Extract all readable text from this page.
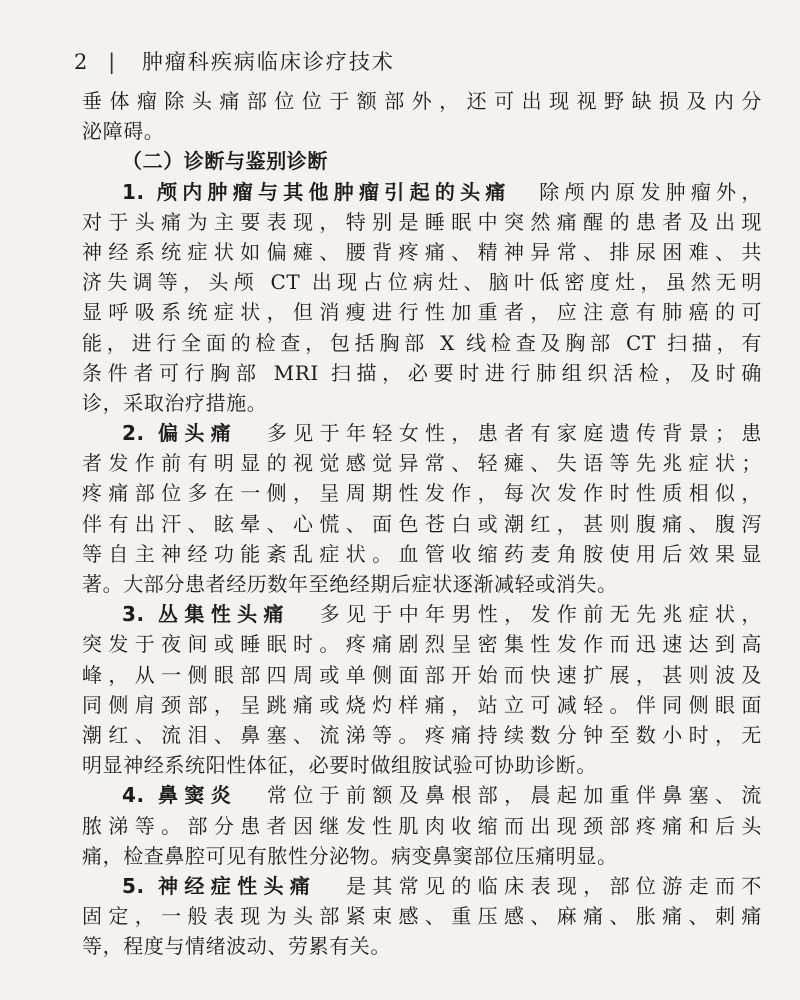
2 | 肿瘤科疾病临床诊疗技术
垂体瘤除头痛部位位于额部外，还可出现视野缺损及内分
泌障碍。
（二）诊断与鉴别诊断
1. 颅内肿瘤与其他肿瘤引起的头痛 除颅内原发肿瘤外，
对于头痛为主要表现，特别是睡眠中突然痛醒的患者及出现
神经系统症状如偏瘫、腰背疼痛、精神异常、排尿困难、共
济失调等，头颅 CT 出现占位病灶、脑叶低密度灶，虽然无明
显呼吸系统症状，但消瘦进行性加重者，应注意有肺癌的可
能，进行全面的检查，包括胸部 X 线检查及胸部 CT 扫描，有
条件者可行胸部 MRI 扫描，必要时进行肺组织活检，及时确
诊，采取治疗措施。
2. 偏头痛 多见于年轻女性，患者有家庭遗传背景；患
者发作前有明显的视觉感觉异常、轻瘫、失语等先兆症状；
疼痛部位多在一侧，呈周期性发作，每次发作时性质相似，
伴有出汗、眩晕、心慌、面色苍白或潮红，甚则腹痛、腹泻
等自主神经功能紊乱症状。血管收缩药麦角胺使用后效果显
著。大部分患者经历数年至绝经期后症状逐渐减轻或消失。
3. 丛集性头痛 多见于中年男性，发作前无先兆症状，
突发于夜间或睡眠时。疼痛剧烈呈密集性发作而迅速达到高
峰，从一侧眼部四周或单侧面部开始而快速扩展，甚则波及
同侧肩颈部，呈跳痛或烧灼样痛，站立可减轻。伴同侧眼面
潮红、流泪、鼻塞、流涕等。疼痛持续数分钟至数小时，无
明显神经系统阳性体征，必要时做组胺试验可协助诊断。
4. 鼻窦炎 常位于前额及鼻根部，晨起加重伴鼻塞、流
脓涕等。部分患者因继发性肌肉收缩而出现颈部疼痛和后头
痛，检查鼻腔可见有脓性分泌物。病变鼻窦部位压痛明显。
5. 神经症性头痛 是其常见的临床表现，部位游走而不
固定，一般表现为头部紧束感、重压感、麻痛、胀痛、刺痛
等，程度与情绪波动、劳累有关。
